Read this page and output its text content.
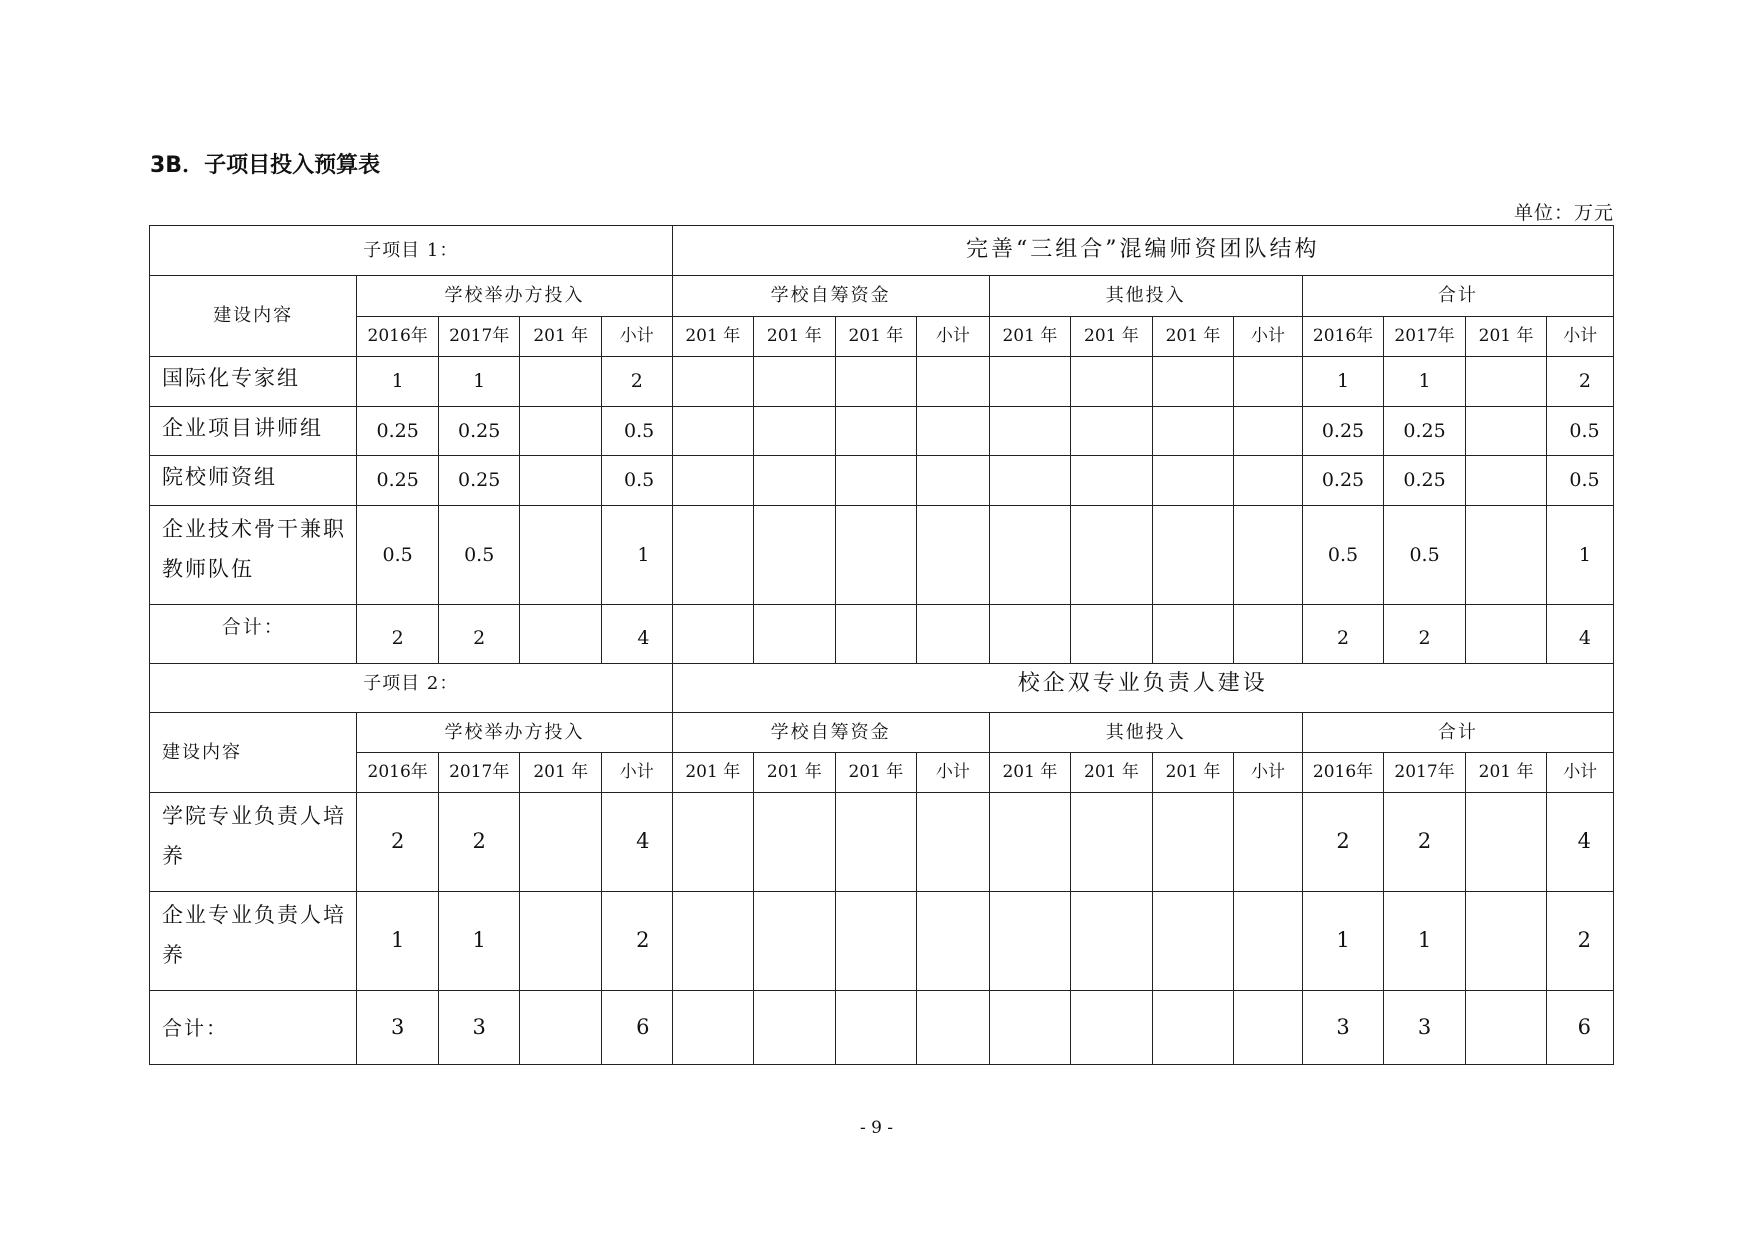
3B．子项目投入预算表
单位：万元
子项目 1：					完善“三组合”混编师资团队结构											
建设内容	学校举办方投入				学校自筹资金				其他投入				合计			
	2016年	2017年	201 年	小计	201 年	201 年	201 年	小计	201 年	201 年	201 年	小计	2016年	2017年	201 年	小计
国际化专家组	1	1		2									1	1		2
企业项目讲师组	0.25	0.25		0.5									0.25	0.25		0.5
院校师资组	0.25	0.25		0.5									0.25	0.25		0.5
企业技术骨干兼职教师队伍	0.5	0.5		1									0.5	0.5		1
合计：	2	2		4									2	2		4
子项目 2：					校企双专业负责人建设											
建设内容	学校举办方投入				学校自筹资金				其他投入				合计			
	2016年	2017年	201 年	小计	201 年	201 年	201 年	小计	201 年	201 年	201 年	小计	2016年	2017年	201 年	小计
学院专业负责人培养	2	2		4									2	2		4
企业专业负责人培养	1	1		2									1	1		2
合计：	3	3		6									3	3		6
- 9 -
